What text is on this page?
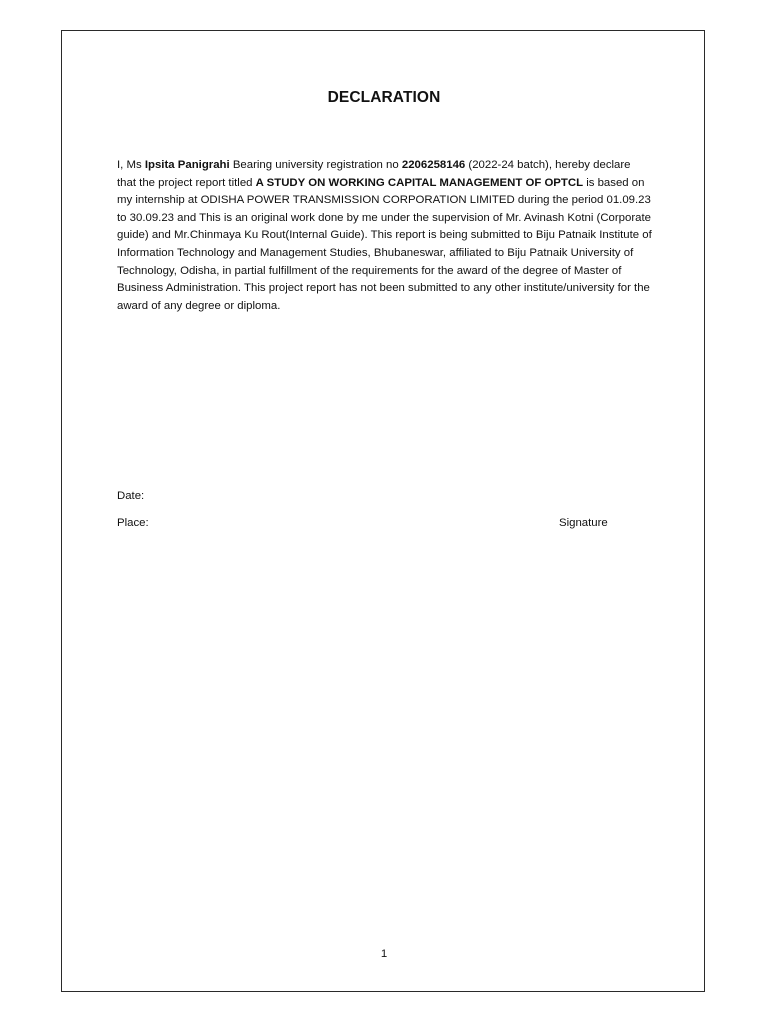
DECLARATION
I, Ms Ipsita Panigrahi Bearing university registration no 2206258146 (2022-24 batch), hereby declare that the project report titled A STUDY ON WORKING CAPITAL MANAGEMENT OF OPTCL is based on my internship at ODISHA POWER TRANSMISSION CORPORATION LIMITED during the period 01.09.23 to 30.09.23 and This is an original work done by me under the supervision of Mr. Avinash Kotni (Corporate guide) and Mr.Chinmaya Ku Rout(Internal Guide). This report is being submitted to Biju Patnaik Institute of Information Technology and Management Studies, Bhubaneswar, affiliated to Biju Patnaik University of Technology, Odisha, in partial fulfillment of the requirements for the award of the degree of Master of Business Administration. This project report has not been submitted to any other institute/university for the award of any degree or diploma.
Date:
Place:	Signature
1
